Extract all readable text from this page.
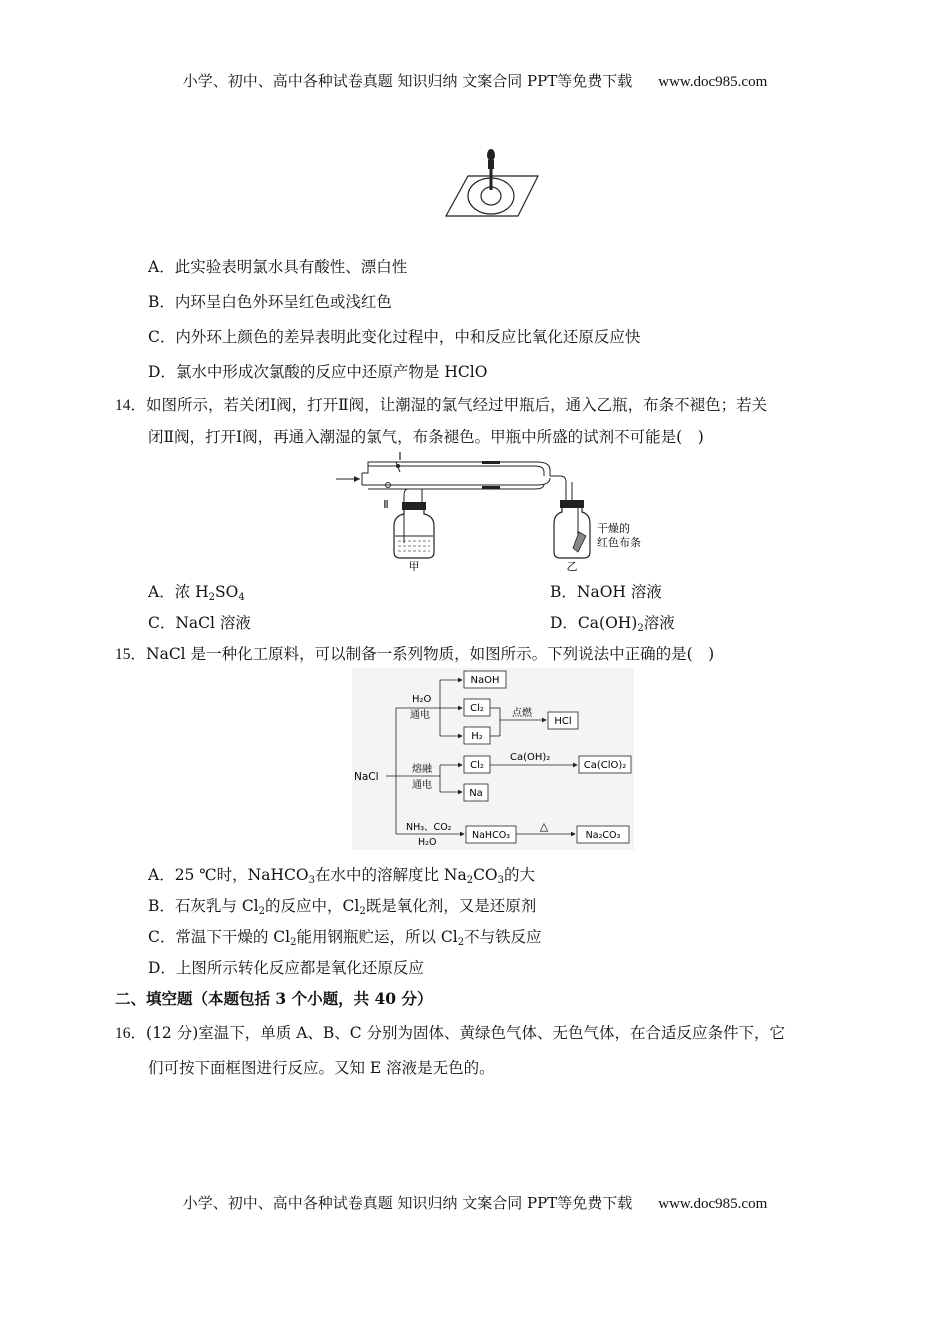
小学、初中、高中各种试卷真题 知识归纳 文案合同 PPT等免费下载 www.doc985.com
A．此实验表明氯水具有酸性、漂白性
B．内环呈白色外环呈红色或浅红色
C．内外环上颜色的差异表明此变化过程中，中和反应比氧化还原反应快
D．氯水中形成次氯酸的反应中还原产物是 HClO
14．如图所示，若关闭Ⅰ阀，打开Ⅱ阀，让潮湿的氯气经过甲瓶后，通入乙瓶，布条不褪色；若关
闭Ⅱ阀，打开Ⅰ阀，再通入潮湿的氯气，布条褪色。甲瓶中所盛的试剂不可能是(　)
Ⅰ
Ⅱ
甲	乙
干燥的
红色布条
A．浓 $H_2SO_4$	B．NaOH 溶液
C．NaCl 溶液	D．$Ca(OH)_2$溶液
15．NaCl 是一种化工原料，可以制备一系列物质，如图所示。下列说法中正确的是(　)
NaCl
H₂O
通电
NaOH
Cl₂
H₂
点燃
HCl
熔融
通电
Cl₂
Ca(OH)₂
Ca(ClO)₂
Na
NH₃、CO₂
H₂O
NaHCO₃
△
Na₂CO₃
A．25 ℃时，NaHCO$_3$在水中的溶解度比 $Na_2CO_3$的大
B．石灰乳与 $Cl_2$的反应中，$Cl_2$既是氧化剂，又是还原剂
C．常温下干燥的 $Cl_2$能用钢瓶贮运，所以 $Cl_2$不与铁反应
D．上图所示转化反应都是氧化还原反应
二、填空题（本题包括 3 个小题，共 40 分）
16．(12 分)室温下，单质 A、B、C 分别为固体、黄绿色气体、无色气体，在合适反应条件下，它
们可按下面框图进行反应。又知 E 溶液是无色的。
小学、初中、高中各种试卷真题 知识归纳 文案合同 PPT等免费下载 www.doc985.com
